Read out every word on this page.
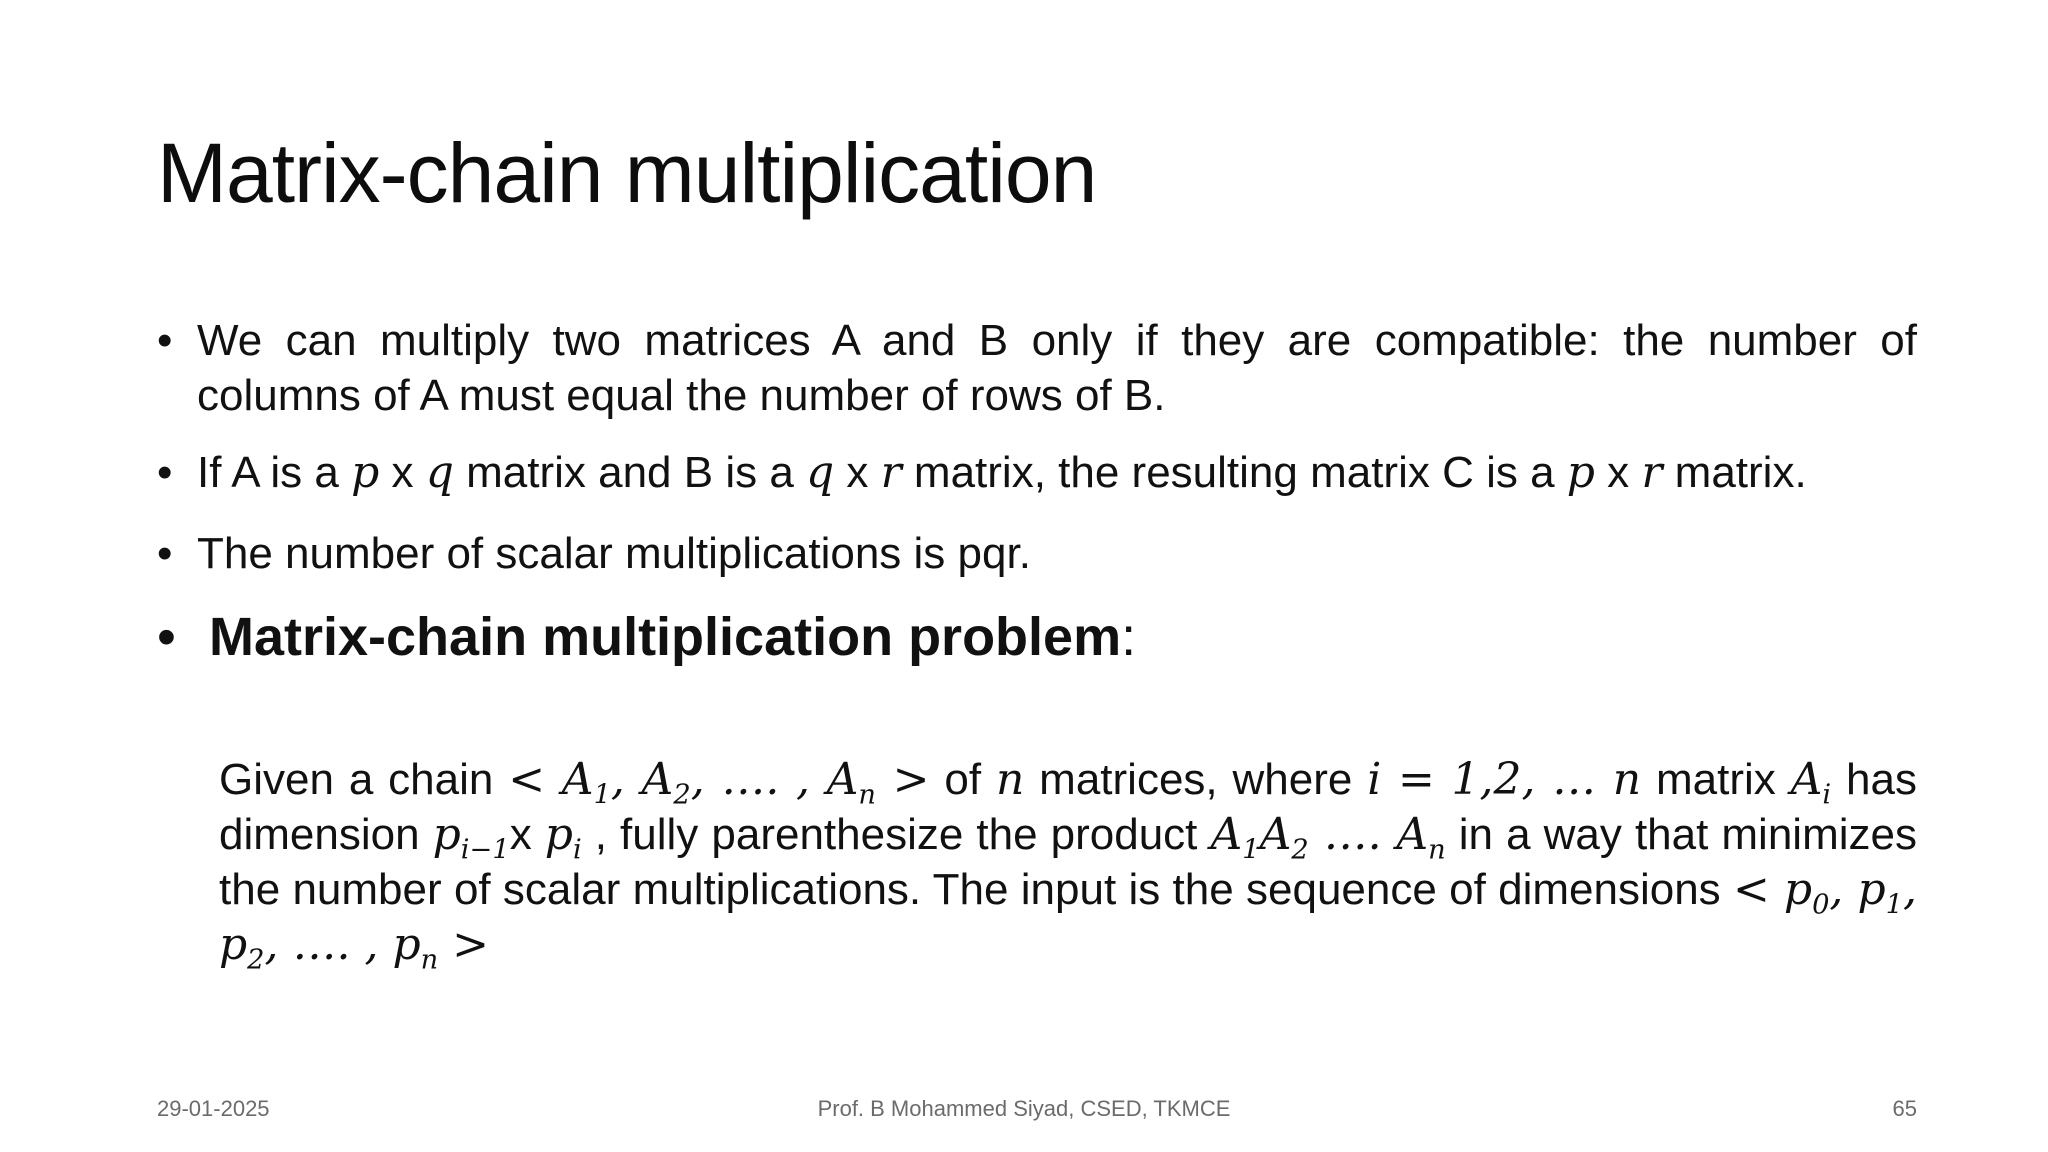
Matrix-chain multiplication
• We can multiply two matrices A and B only if they are compatible: the number of columns of A must equal the number of rows of B.
• If A is a p x q matrix and B is a q x r matrix, the resulting matrix C is a p x r matrix.
• The number of scalar multiplications is pqr.
• Matrix-chain multiplication problem:
Given a chain < $A_1$, $A_2$, …. , $A_n$ > of n matrices, where i = 1,2, … n matrix $A_i$ has dimension $p_{i-1}x$ $p_i$ , fully parenthesize the product $A_1A_2$ …. $A_n$ in a way that minimizes the number of scalar multiplications. The input is the sequence of dimensions < $p_0$, $p_1$, $p_2$, …. , $p_n$ >
29-01-2025	Prof. B Mohammed Siyad, CSED, TKMCE	65
